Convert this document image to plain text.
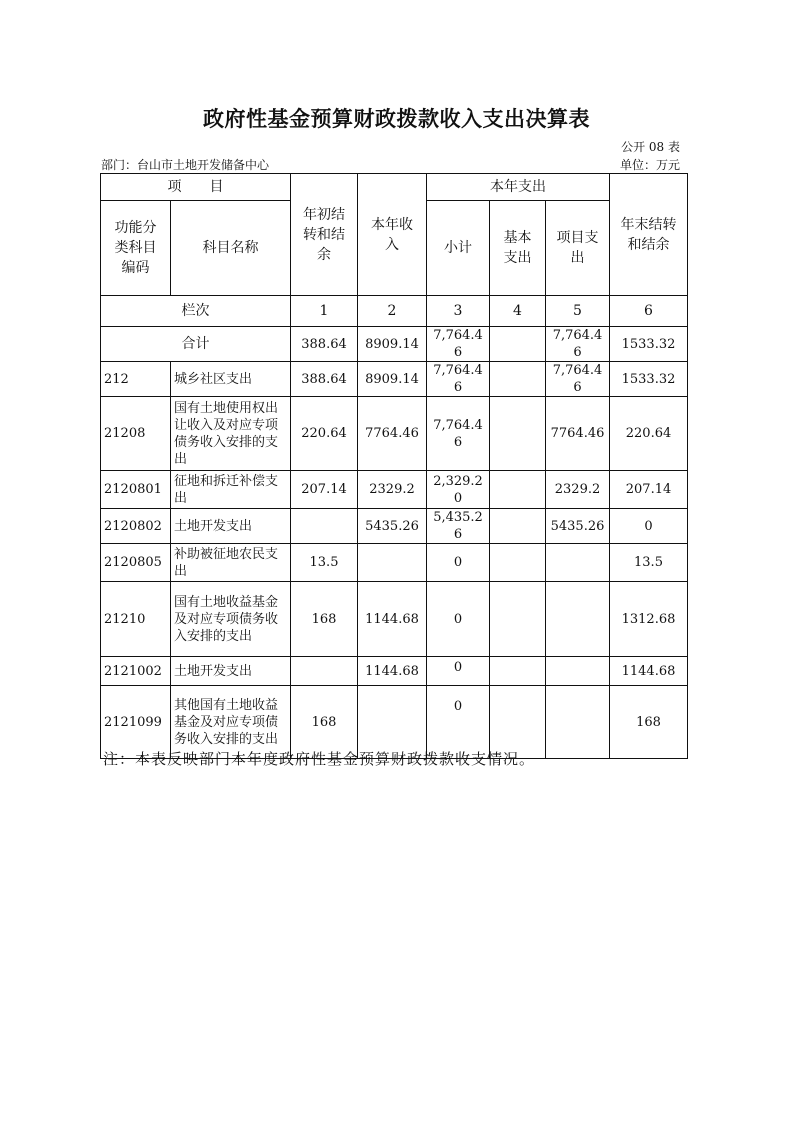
政府性基金预算财政拨款收入支出决算表
公开 08 表
部门：台山市土地开发储备中心	单位：万元
项　　目		年初结转和结余	本年收入	本年支出			年末结转和结余
功能分类科目编码	科目名称			小计	基本支出	项目支出	
栏次		1	2	3	4	5	6
合计		388.64	8909.14	7,764.46		7,764.46	1533.32
212	城乡社区支出	388.64	8909.14	7,764.46		7,764.46	1533.32
21208	国有土地使用权出让收入及对应专项债务收入安排的支出	220.64	7764.46	7,764.46		7764.46	220.64
2120801	征地和拆迁补偿支出	207.14	2329.2	2,329.20		2329.2	207.14
2120802	土地开发支出		5435.26	5,435.26		5435.26	0
2120805	补助被征地农民支出	13.5		0			13.5
21210	国有土地收益基金及对应专项债务收入安排的支出	168	1144.68	0			1312.68
2121002	土地开发支出		1144.68	0			1144.68
2121099	其他国有土地收益基金及对应专项债务收入安排的支出	168		0			168
注：本表反映部门本年度政府性基金预算财政拨款收支情况。
